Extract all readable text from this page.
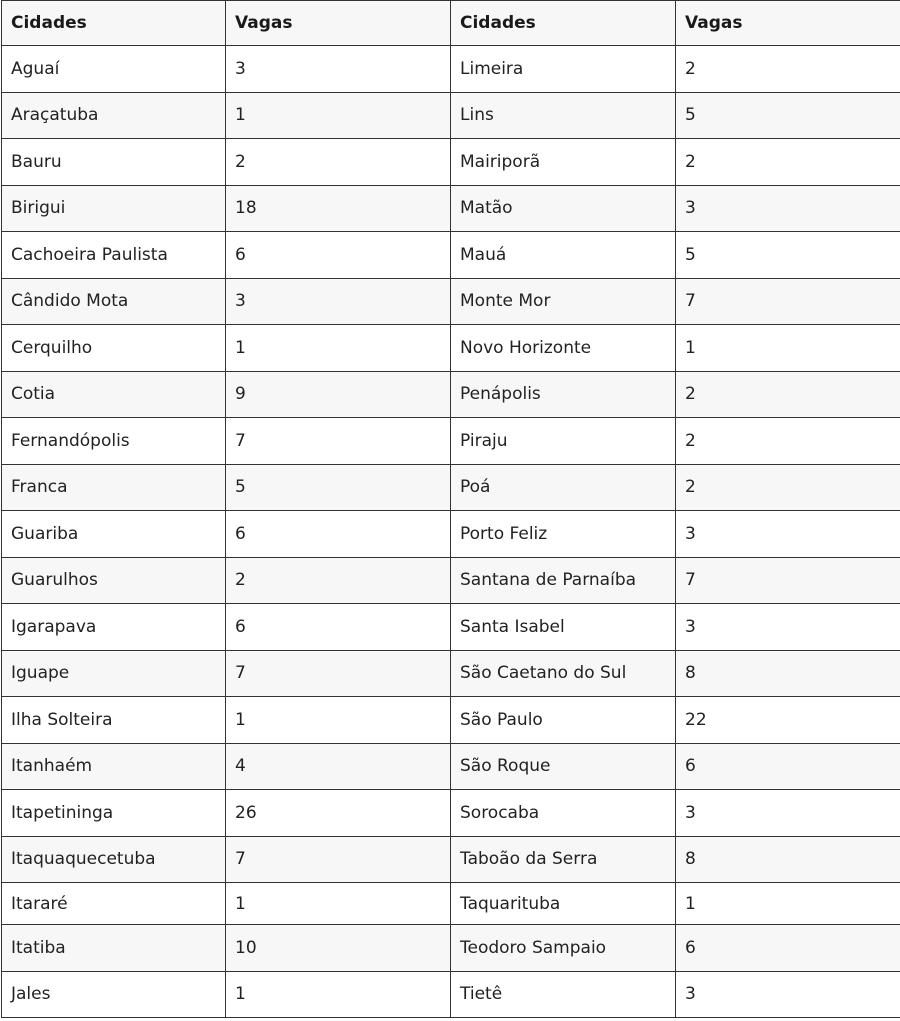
Cidades	Vagas	Cidades	Vagas
Aguaí	3	Limeira	2
Araçatuba	1	Lins	5
Bauru	2	Mairiporã	2
Birigui	18	Matão	3
Cachoeira Paulista	6	Mauá	5
Cândido Mota	3	Monte Mor	7
Cerquilho	1	Novo Horizonte	1
Cotia	9	Penápolis	2
Fernandópolis	7	Piraju	2
Franca	5	Poá	2
Guariba	6	Porto Feliz	3
Guarulhos	2	Santana de Parnaíba	7
Igarapava	6	Santa Isabel	3
Iguape	7	São Caetano do Sul	8
Ilha Solteira	1	São Paulo	22
Itanhaém	4	São Roque	6
Itapetininga	26	Sorocaba	3
Itaquaquecetuba	7	Taboão da Serra	8
Itararé	1	Taquarituba	1
Itatiba	10	Teodoro Sampaio	6
Jales	1	Tietê	3
